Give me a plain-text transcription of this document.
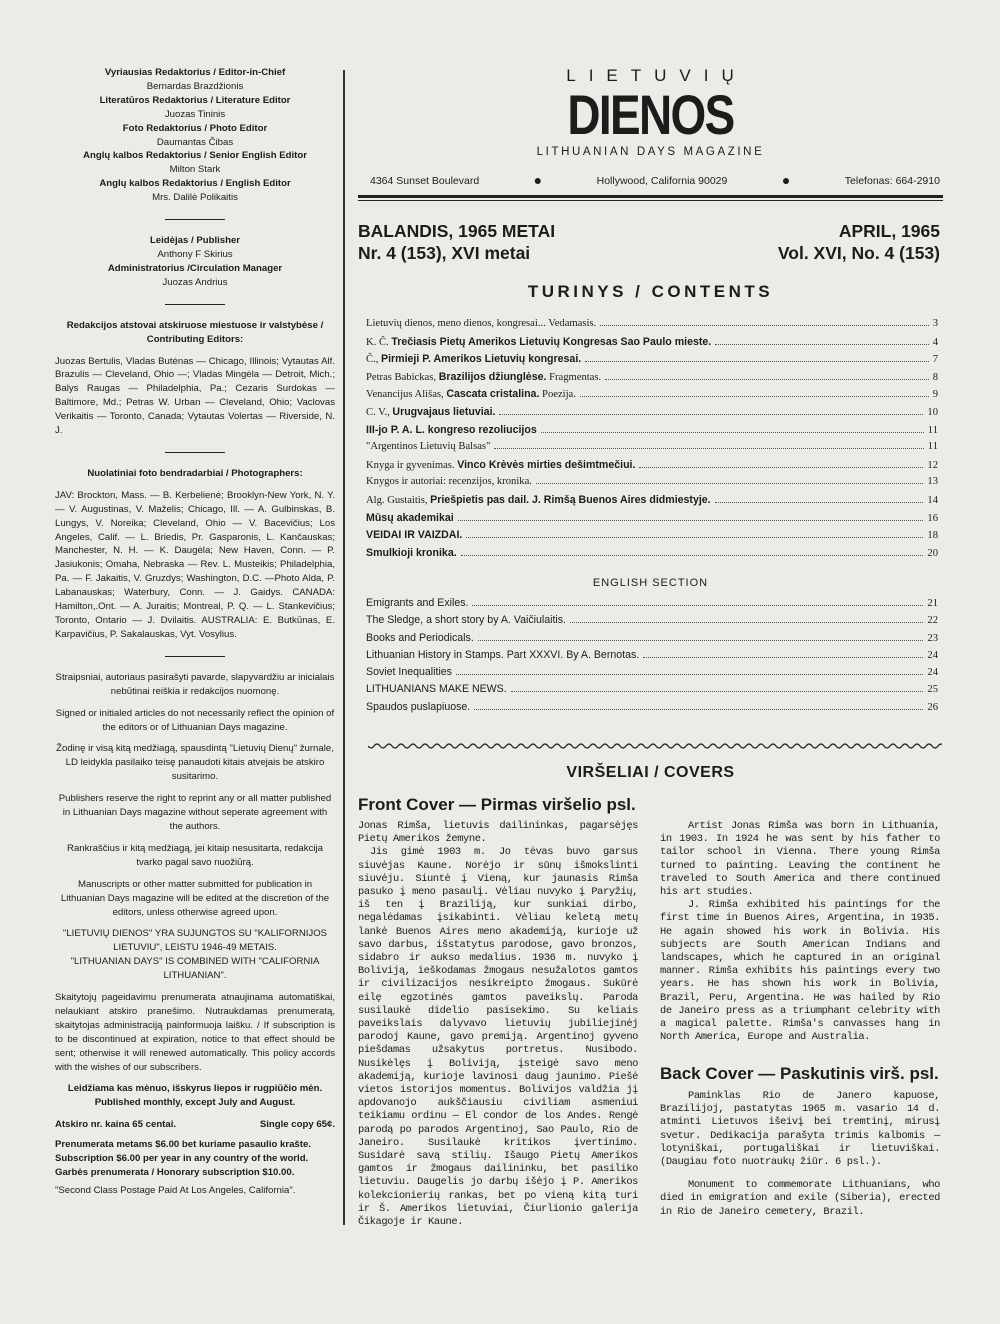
Vyriausias Redaktorius / Editor-in-Chief
Bernardas Brazdžionis
Literatūros Redaktorius / Literature Editor
Juozas Tininis
Foto Redaktorius / Photo Editor
Daumantas Čibas
Anglų kalbos Redaktorius / Senior English Editor
Milton Stark
Anglų kalbos Redaktorius / English Editor
Mrs. Dalilė Polikaitis
Leidėjas / Publisher
Anthony F Skirius
Administratorius /Circulation Manager
Juozas Andrius

Redakcijos atstovai atskiruose miestuose ir valstybėse / Contributing Editors:

Juozas Bertulis, Vladas Butėnas — Chicago, Illinois; Vytautas Alf. Brazulis — Cleveland, Ohio —; Vladas Mingėla — Detroit, Mich.; Balys Raugas — Philadelphia, Pa.; Cezaris Surdokas — Baltimore, Md.; Petras W. Urban — Cleveland, Ohio; Vaclovas Verikaitis — Toronto, Canada; Vytautas Volertas — Riverside, N. J.

Nuolatiniai foto bendradarbiai / Photographers:

JAV: Brockton, Mass. — B. Kerbelienė; Brooklyn-New York, N. Y. — V. Augustinas, V. Maželis; Chicago, Ill. — A. Gulbinskas, B. Lungys, V. Noreika; Cleveland, Ohio — V. Bacevičius; Los Angeles, Calif. — L. Briedis, Pr. Gasparonis, L. Kančauskas; Manchester, N. H. — K. Daugėla; New Haven, Conn. — P. Jasiukonis; Omaha, Nebraska — Rev. L. Musteikis; Philadelphia, Pa. — F. Jakaitis, V. Gruzdys; Washington, D.C. —Photo Alda, P. Labanauskas; Waterbury, Conn. — J. Gaidys. CANADA: Hamilton,.Ont. — A. Juraitis; Montreal, P. Q. — L. Stankevičius; Toronto, Ontario — J. Dvilaitis. AUSTRALIA: E. Butkūnas, E. Karpavičius, P. Sakalauskas, Vyt. Vosylius.

Straipsniai, autoriaus pasirašyti pavarde, slapyvardžiu ar inicialais nebūtinai reiškia ir redakcijos nuomonę.

Signed or initialed articles do not necessarily reflect the opinion of the editors or of Lithuanian Days magazine.

Žodinę ir visą kitą medžiagą, spausdintą "Lietuvių Dienų" žurnale, LD leidykla pasilaiko teisę panaudoti kitais atvejais be atskiro susitarimo.

Publishers reserve the right to reprint any or all matter published in Lithuanian Days magazine without seperate agreement with the authors.

Rankraščius ir kitą medžiagą, jei kitaip nesusitarta, redakcija tvarko pagal savo nuožiūrą.

Manuscripts or other matter submitted for publication in Lithuanian Days magazine will be edited at the discretion of the editors, unless otherwise agreed upon.

"LIETUVIŲ DIENOS" YRA SUJUNGTOS SU "KALIFORNIJOS LIETUVIU", LEISTU 1946-49 METAIS.

"LITHUANIAN DAYS" IS COMBINED WITH "CALIFORNIA LITHUANIAN".

Skaitytojų pageidavimu prenumerata atnaujinama automatiškai, nelaukiant atskiro pranešimo. Nutraukdamas prenumeratą, skaitytojas administraciją painformuoja laišku. / If subscription is to be discontinued at expiration, notice to that effect should be sent; otherwise it will renewed automatically. This policy accords with the wishes of our subscribers.

Leidžiama kas mėnuo, išskyrus liepos ir rugpiūčio mėn. Published monthly, except July and August.

Atskiro nr. kaina 65 centai.	Single copy 65¢.
Prenumerata metams $6.00 bet kuriame pasaulio krašte.
Subscription $6.00 per year in any country of the world.
Garbės prenumerata / Honorary subscription $10.00.
"Second Class Postage Paid At Los Angeles, California".
LIETUVIŲ
DIENOS
LITHUANIAN DAYS MAGAZINE
4364 Sunset Boulevard	●	Hollywood, California 90029	●	Telefonas: 664-2910
BALANDIS, 1965 METAI	APRIL, 1965
Nr. 4 (153), XVI metai	Vol. XVI, No. 4 (153)
TURINYS / CONTENTS
Lietuvių dienos, meno dienos, kongresai... Vedamasis.	3
K. Č. Trečiasis Pietų Amerikos Lietuvių Kongresas Sao Paulo mieste.	4
Č., Pirmieji P. Amerikos Lietuvių kongresai.	7
Petras Babickas, Brazilijos džiunglėse. Fragmentas.	8
Venancijus Ališas, Cascata cristalina. Poezija.	9
C. V., Urugvajaus lietuviai.	10
III-jo P. A. L. kongreso rezoliucijos	11
"Argentinos Lietuvių Balsas"	11
Knyga ir gyvenimas. Vinco Krėvės mirties dešimtmečiui.	12
Knygos ir autoriai: recenzijos, kronika.	13
Alg. Gustaitis, Priešpietis pas dail. J. Rimšą Buenos Aires didmiestyje.	14
Mūsų akademikai	16
VEIDAI IR VAIZDAI.	18
Smulkioji kronika.	20
ENGLISH SECTION
Emigrants and Exiles.	21
The Sledge, a short story by A. Vaičiulaitis.	22
Books and Periodicals.	23
Lithuanian History in Stamps. Part XXXVI. By A. Bernotas.	24
Soviet Inequalities	24
LITHUANIANS MAKE NEWS.	25
Spaudos puslapiuose.	26
VIRŠELIAI / COVERS
Front Cover — Pirmas viršelio psl.

Jonas Rimša, lietuvis dailininkas, pagarsėjęs Pietų Amerikos žemyne.

Jis gimė 1903 m. Jo tėvas buvo garsus siuvėjas Kaune. Norėjo ir sūnų išmokslinti siuvėju. Siuntė į Vieną, kur jaunasis Rimša pasuko į meno pasaulį. Vėliau nuvyko į Paryžių, iš ten į Braziliją, kur sunkiai dirbo, negalėdamas įsikabinti. Vėliau keletą metų lankė Buenos Aires meno akademiją, kurioje už savo darbus, išstatytus parodose, gavo bronzos, sidabro ir aukso medalius. 1936 m. nuvyko į Boliviją, ieškodamas žmogaus nesužalotos gamtos ir civilizacijos nesikreipto žmogaus. Sukūrė eilę egzotinės gamtos paveikslų. Paroda susilaukė didelio pasisekimo. Su keliais paveikslais dalyvavo lietuvių jubiliejinėj parodoj Kaune, gavo premiją. Argentinoj gyveno piešdamas užsakytus portretus. Nusibodo. Nusikėlęs į Boliviją, įsteigė savo meno akademiją, kurioje lavinosi daug jaunimo. Piešė vietos istorijos momentus. Bolivijos valdžia jį apdovanojo aukščiausiu civiliam asmeniui teikiamu ordinu — El condor de los Andes. Rengė parodą po parodos Argentinoj, Sao Paulo, Rio de Janeiro. Susilaukė kritikos įvertinimo. Susidarė savą stilių. Išaugo Pietų Amerikos gamtos ir žmogaus dailininku, bet pasiliko lietuviu. Daugelis jo darbų išėjo į P. Amerikos kolekcionierių rankas, bet po vieną kitą turi ir Š. Amerikos lietuviai, Čiurlionio galerija Čikagoje ir Kaune.

Artist Jonas Rimša was born in Lithuania, in 1903. In 1924 he was sent by his father to tailor school in Vienna. There young Rimša turned to painting. Leaving the continent he traveled to South America and there continued his art studies.

J. Rimša exhibited his paintings for the first time in Buenos Aires, Argentina, in 1935. He again showed his work in Bolivia. His subjects are South American Indians and landscapes, which he captured in an original manner. Rimša exhibits his paintings every two years. He has shown his work in Bolivia, Brazil, Peru, Argentina. He was hailed by Rio de Janeiro press as a triumphant celebrity with a magical palette. Rimša's canvasses hang in North America, Europe and Australia.

Back Cover — Paskutinis virš. psl.

Paminklas Rio de Janero kapuose, Brazilijoj, pastatytas 1965 m. vasario 14 d. atminti Lietuvos išeivį bei tremtinį, mirusį svetur. Dedikacija parašyta trimis kalbomis — lotyniškai, portugališkai ir lietuviškai. (Daugiau foto nuotraukų žiūr. 6 psl.).

Monument to commemorate Lithuanians, who died in emigration and exile (Siberia), erected in Rio de Janeiro cemetery, Brazil.
